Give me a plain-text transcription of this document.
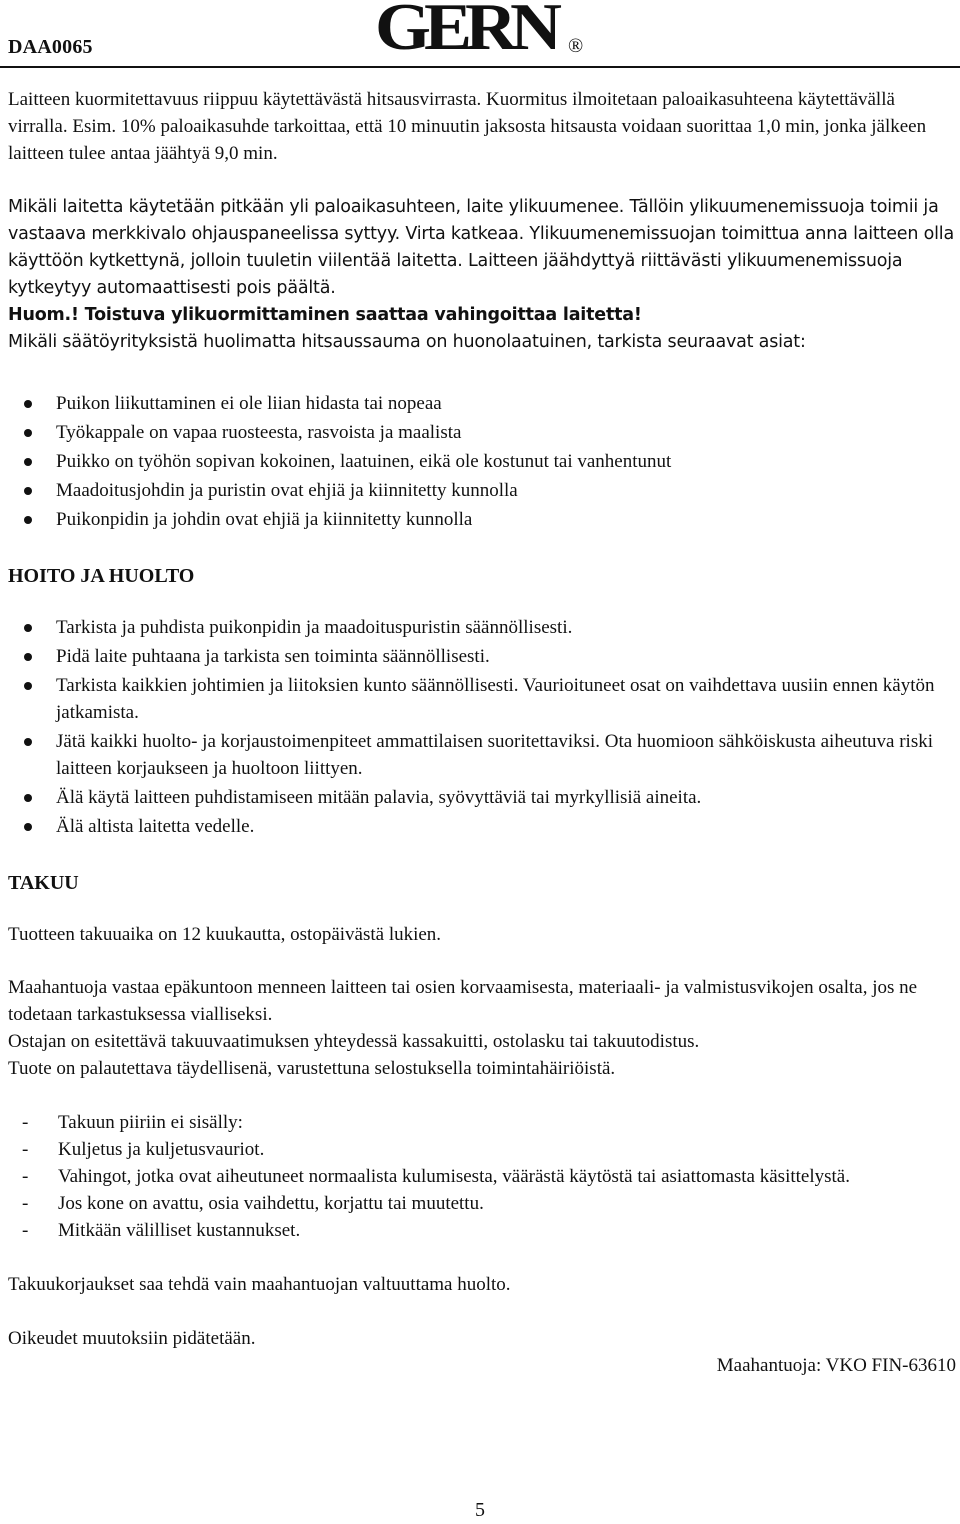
DAA0065	GERN ®

Laitteen kuormitettavuus riippuu käytettävästä hitsausvirrasta. Kuormitus ilmoitetaan paloaikasuhteena käytettävällä virralla. Esim. 10% paloaikasuhde tarkoittaa, että 10 minuutin jaksosta hitsausta voidaan suorittaa 1,0 min, jonka jälkeen laitteen tulee antaa jäähtyä 9,0 min.

Mikäli laitetta käytetään pitkään yli paloaikasuhteen, laite ylikuumenee. Tällöin ylikuumenemissuoja toimii ja vastaava merkkivalo ohjauspaneelissa syttyy. Virta katkeaa. Ylikuumenemissuojan toimittua anna laitteen olla käyttöön kytkettynä, jolloin tuuletin viilentää laitetta. Laitteen jäähdyttyä riittävästi ylikuumenemissuoja kytkeytyy automaattisesti pois päältä.

Huom.! Toistuva ylikuormittaminen saattaa vahingoittaa laitetta!

Mikäli säätöyrityksistä huolimatta hitsaussauma on huonolaatuinen, tarkista seuraavat asiat:

Puikon liikuttaminen ei ole liian hidasta tai nopeaa
Työkappale on vapaa ruosteesta, rasvoista ja maalista
Puikko on työhön sopivan kokoinen, laatuinen, eikä ole kostunut tai vanhentunut
Maadoitusjohdin ja puristin ovat ehjiä ja kiinnitetty kunnolla
Puikonpidin ja johdin ovat ehjiä ja kiinnitetty kunnolla

HOITO JA HUOLTO

Tarkista ja puhdista puikonpidin ja maadoituspuristin säännöllisesti.
Pidä laite puhtaana ja tarkista sen toiminta säännöllisesti.
Tarkista kaikkien johtimien ja liitoksien kunto säännöllisesti. Vaurioituneet osat on vaihdettava uusiin ennen käytön jatkamista.
Jätä kaikki huolto- ja korjaustoimenpiteet ammattilaisen suoritettaviksi. Ota huomioon sähköiskusta aiheutuva riski laitteen korjaukseen ja huoltoon liittyen.
Älä käytä laitteen puhdistamiseen mitään palavia, syövyttäviä tai myrkyllisiä aineita.
Älä altista laitetta vedelle.

TAKUU

Tuotteen takuuaika on 12 kuukautta, ostopäivästä lukien.

Maahantuoja vastaa epäkuntoon menneen laitteen tai osien korvaamisesta, materiaali- ja valmistusvikojen osalta, jos ne todetaan tarkastuksessa vialliseksi.

Ostajan on esitettävä takuuvaatimuksen yhteydessä kassakuitti, ostolasku tai takuutodistus.

Tuote on palautettava täydellisenä, varustettuna selostuksella toimintahäiriöistä.

- Takuun piiriin ei sisälly:
- Kuljetus ja kuljetusvauriot.
- Vahingot, jotka ovat aiheutuneet normaalista kulumisesta, väärästä käytöstä tai asiattomasta käsittelystä.
- Jos kone on avattu, osia vaihdettu, korjattu tai muutettu.
- Mitkään välilliset kustannukset.

Takuukorjaukset saa tehdä vain maahantuojan valtuuttama huolto.

Oikeudet muutoksiin pidätetään.

Maahantuoja: VKO FIN-63610

5
